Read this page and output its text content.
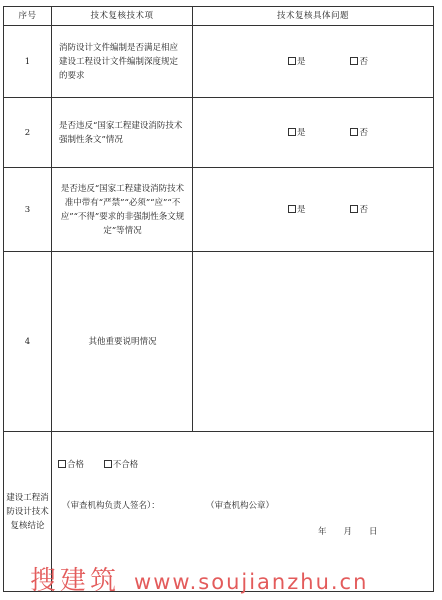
序号	技术复核技术项	技术复核具体问题
1	消防设计文件编制是否满足相应建设工程设计文件编制深度规定的要求	是 否

2	是否违反“国家工程建设消防技术强制性条文”情况	是 否

3	是否违反“国家工程建设消防技术准中带有“严禁”“必须”“应”“不应”“不得”要求的非强制性条文规定”等情况	是 否

4	其他重要说明情况	
建设工程消防设计技术复核结论	合格 不合格
（审查机构负责人签名）： （审查机构公章）
年　　月　　日	
搜建筑 www.soujianzhu.cn
